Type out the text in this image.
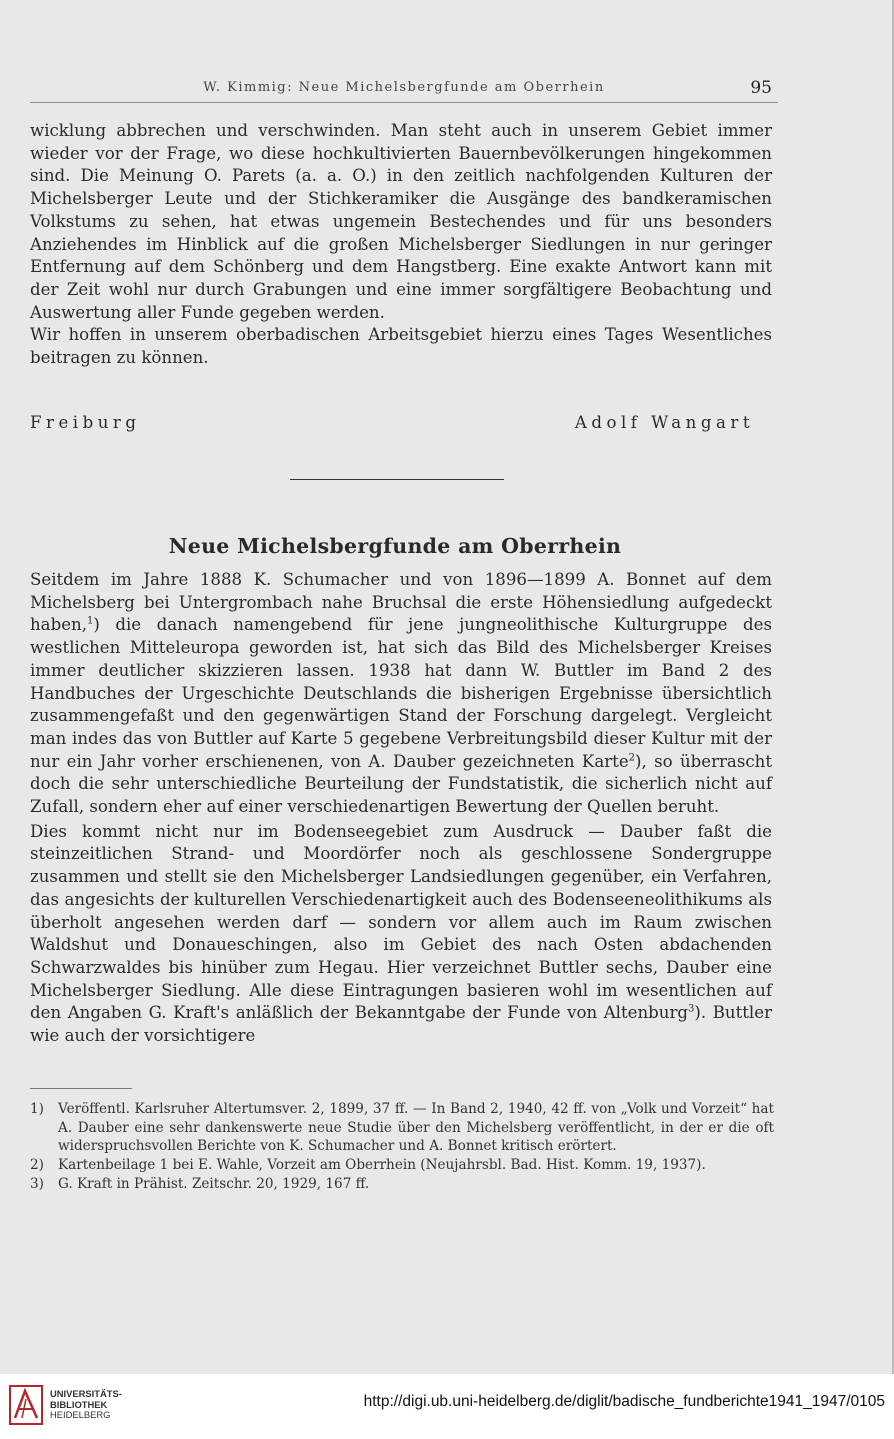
W. Kimmig: Neue Michelsbergfunde am Oberrhein	95

wicklung abbrechen und verschwinden. Man steht auch in unserem Gebiet immer wieder vor der Frage, wo diese hochkultivierten Bauernbevölkerungen hingekommen sind. Die Meinung O. Parets (a. a. O.) in den zeitlich nachfolgenden Kulturen der Michelsberger Leute und der Stichkeramiker die Ausgänge des bandkeramischen Volkstums zu sehen, hat etwas ungemein Bestechendes und für uns besonders Anziehendes im Hinblick auf die großen Michelsberger Siedlungen in nur geringer Entfernung auf dem Schönberg und dem Hangstberg. Eine exakte Antwort kann mit der Zeit wohl nur durch Grabungen und eine immer sorgfältigere Beobachtung und Auswertung aller Funde gegeben werden.

Wir hoffen in unserem oberbadischen Arbeitsgebiet hierzu eines Tages Wesentliches beitragen zu können.

Freiburg	Adolf Wangart
Neue Michelsbergfunde am Oberrhein

Seitdem im Jahre 1888 K. Schumacher und von 1896—1899 A. Bonnet auf dem Michelsberg bei Untergrombach nahe Bruchsal die erste Höhensiedlung aufgedeckt haben,$^1$) die danach namengebend für jene jungneolithische Kulturgruppe des westlichen Mitteleuropa geworden ist, hat sich das Bild des Michelsberger Kreises immer deutlicher skizzieren lassen. 1938 hat dann W. Buttler im Band 2 des Handbuches der Urgeschichte Deutschlands die bisherigen Ergebnisse übersichtlich zusammengefaßt und den gegenwärtigen Stand der Forschung dargelegt. Vergleicht man indes das von Buttler auf Karte 5 gegebene Verbreitungsbild dieser Kultur mit der nur ein Jahr vorher erschienenen, von A. Dauber gezeichneten Karte$^2$), so überrascht doch die sehr unterschiedliche Beurteilung der Fundstatistik, die sicherlich nicht auf Zufall, sondern eher auf einer verschiedenartigen Bewertung der Quellen beruht.

Dies kommt nicht nur im Bodenseegebiet zum Ausdruck — Dauber faßt die steinzeitlichen Strand- und Moordörfer noch als geschlossene Sondergruppe zusammen und stellt sie den Michelsberger Landsiedlungen gegenüber, ein Verfahren, das angesichts der kulturellen Verschiedenartigkeit auch des Bodenseeneolithikums als überholt angesehen werden darf — sondern vor allem auch im Raum zwischen Waldshut und Donaueschingen, also im Gebiet des nach Osten abdachenden Schwarzwaldes bis hinüber zum Hegau. Hier verzeichnet Buttler sechs, Dauber eine Michelsberger Siedlung. Alle diese Eintragungen basieren wohl im wesentlichen auf den Angaben G. Kraft's anläßlich der Bekanntgabe der Funde von Altenburg$^3$). Buttler wie auch der vorsichtigere

1) Veröffentl. Karlsruher Altertumsver. 2, 1899, 37 ff. — In Band 2, 1940, 42 ff. von „Volk und Vorzeit“ hat A. Dauber eine sehr dankenswerte neue Studie über den Michelsberg veröffentlicht, in der er die oft widerspruchsvollen Berichte von K. Schumacher und A. Bonnet kritisch erörtert.
2) Kartenbeilage 1 bei E. Wahle, Vorzeit am Oberrhein (Neujahrsbl. Bad. Hist. Komm. 19, 1937).
3) G. Kraft in Prähist. Zeitschr. 20, 1929, 167 ff.
UNIVERSITÄTS-
BIBLIOTHEK
HEIDELBERG
http://digi.ub.uni-heidelberg.de/diglit/badische_fundberichte1941_1947/0105
